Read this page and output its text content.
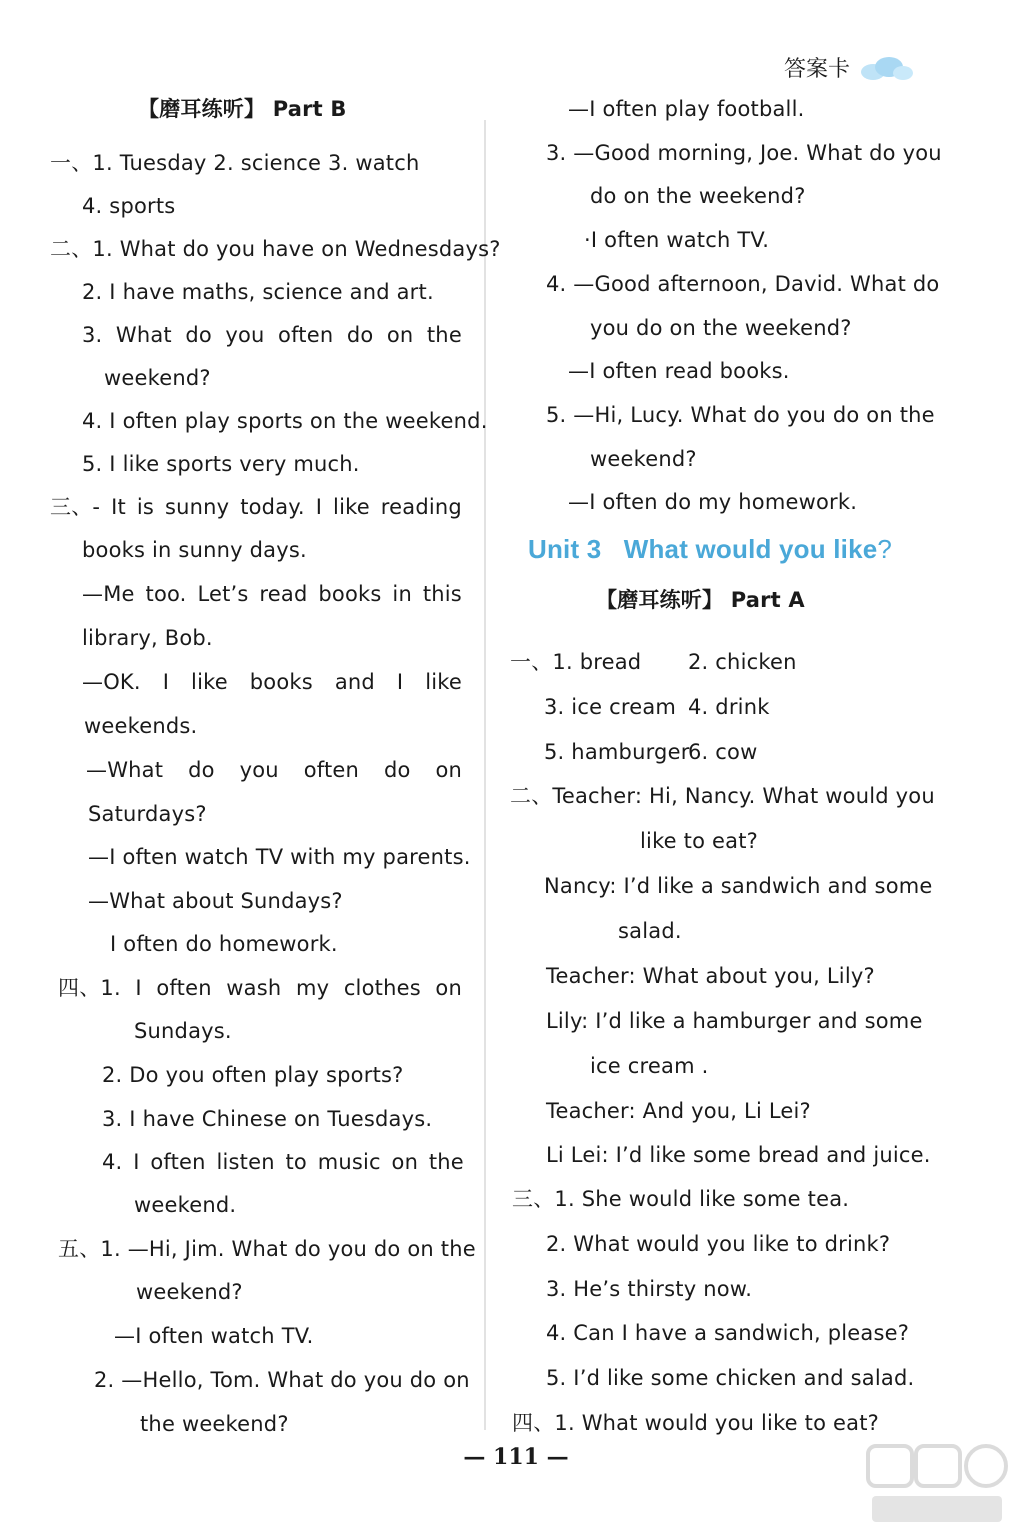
答案卡
【磨耳练听】 Part B
一、1. Tuesday 2. science 3. watch
4. sports
二、1. What do you have on Wednesdays?
2. I have maths, science and art.
3. What do you often do on the
weekend?
4. I often play sports on the weekend.
5. I like sports very much.
三、- It is sunny today. I like reading
books in sunny days.
—Me too. Let’s read books in this
library, Bob.
—OK. I like books and I like
weekends.
—What do you often do on
Saturdays?
—I often watch TV with my parents.
—What about Sundays?
I often do homework.
四、1. I often wash my clothes on
Sundays.
2. Do you often play sports?
3. I have Chinese on Tuesdays.
4. I often listen to music on the
weekend.
五、1. —Hi, Jim. What do you do on the
weekend?
—I often watch TV.
2. —Hello, Tom. What do you do on
the weekend?
—I often play football.
3. —Good morning, Joe. What do you
do on the weekend?
·I often watch TV.
4. —Good afternoon, David. What do
you do on the weekend?
—I often read books.
5. —Hi, Lucy. What do you do on the
weekend?
—I often do my homework.
Unit 3 What would you like?
【磨耳练听】 Part A
一、1. bread 2. chicken
3. ice cream 4. drink
5. hamburger
6. cow
二、Teacher: Hi, Nancy. What would you
like to eat?
Nancy: I’d like a sandwich and some
salad.
Teacher: What about you, Lily?
Lily: I’d like a hamburger and some
ice cream .
Teacher: And you, Li Lei?
Li Lei: I’d like some bread and juice.
三、1. She would like some tea.
2. What would you like to drink?
3. He’s thirsty now.
4. Can I have a sandwich, please?
5. I’d like some chicken and salad.
四、1. What would you like to eat?
— 111 —
